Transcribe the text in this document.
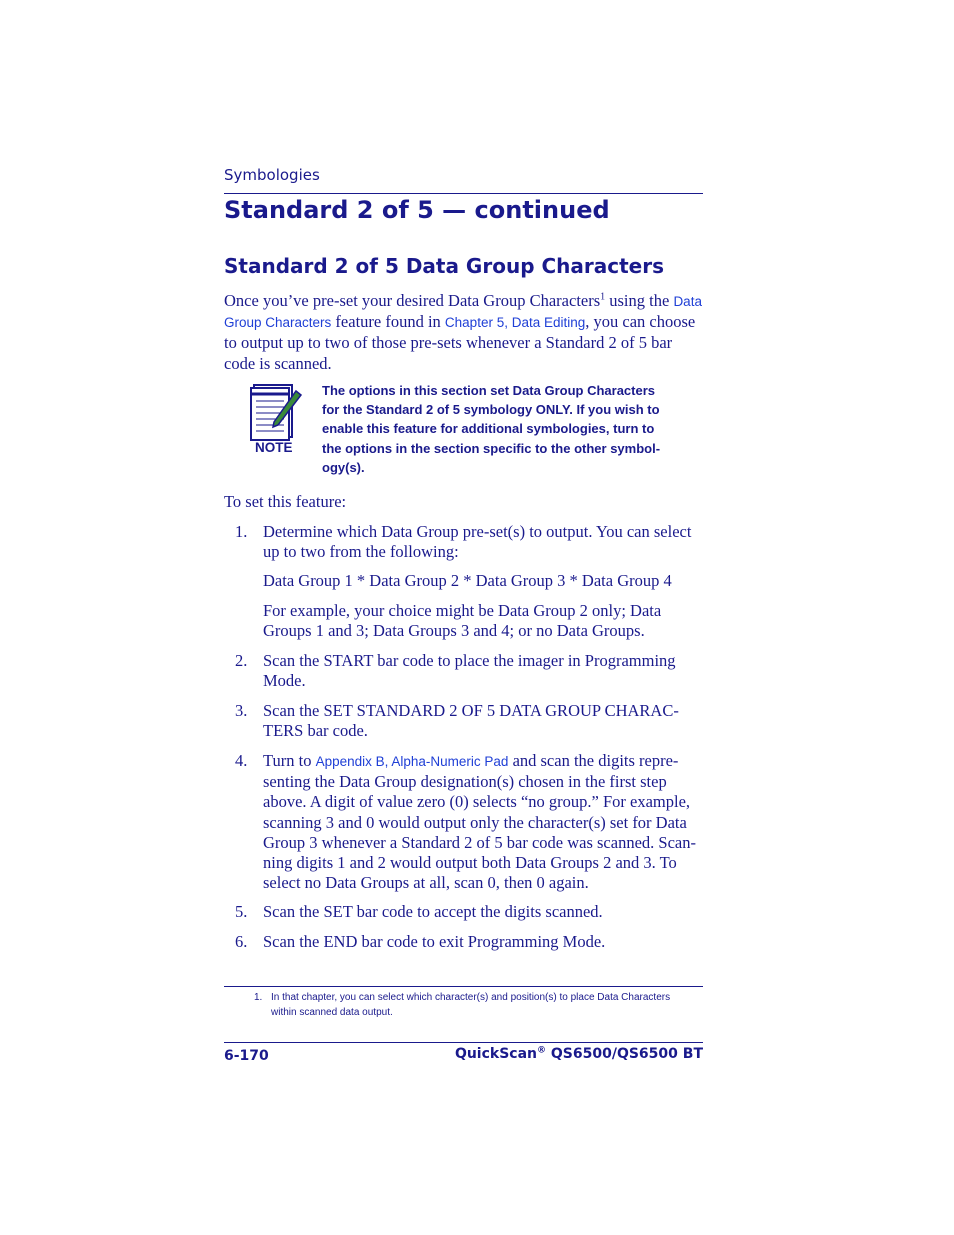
Symbologies
Standard 2 of 5 — continued
Standard 2 of 5 Data Group Characters
Once you’ve pre-set your desired Data Group Characters$^1$ using the Data
Group Characters feature found in Chapter 5, Data Editing, you can choose
to output up to two of those pre-sets whenever a Standard 2 of 5 bar
code is scanned.
NOTE
The options in this section set Data Group Characters
for the Standard 2 of 5 symbology ONLY. If you wish to
enable this feature for additional symbologies, turn to
the options in the section specific to the other symbol-
ogy(s).
To set this feature:
1. Determine which Data Group pre-set(s) to output. You can select
up to two from the following:
Data Group 1 * Data Group 2 * Data Group 3 * Data Group 4
For example, your choice might be Data Group 2 only; Data
Groups 1 and 3; Data Groups 3 and 4; or no Data Groups.
2. Scan the START bar code to place the imager in Programming
Mode.
3. Scan the SET STANDARD 2 OF 5 DATA GROUP CHARAC-
TERS bar code.
4. Turn to Appendix B, Alpha-Numeric Pad and scan the digits repre-
senting the Data Group designation(s) chosen in the first step
above. A digit of value zero (0) selects “no group.” For example,
scanning 3 and 0 would output only the character(s) set for Data
Group 3 whenever a Standard 2 of 5 bar code was scanned. Scan-
ning digits 1 and 2 would output both Data Groups 2 and 3. To
select no Data Groups at all, scan 0, then 0 again.
5. Scan the SET bar code to accept the digits scanned.
6. Scan the END bar code to exit Programming Mode.
1. In that chapter, you can select which character(s) and position(s) to place Data Characters
within scanned data output.
6-170	QuickScan® QS6500/QS6500 BT
